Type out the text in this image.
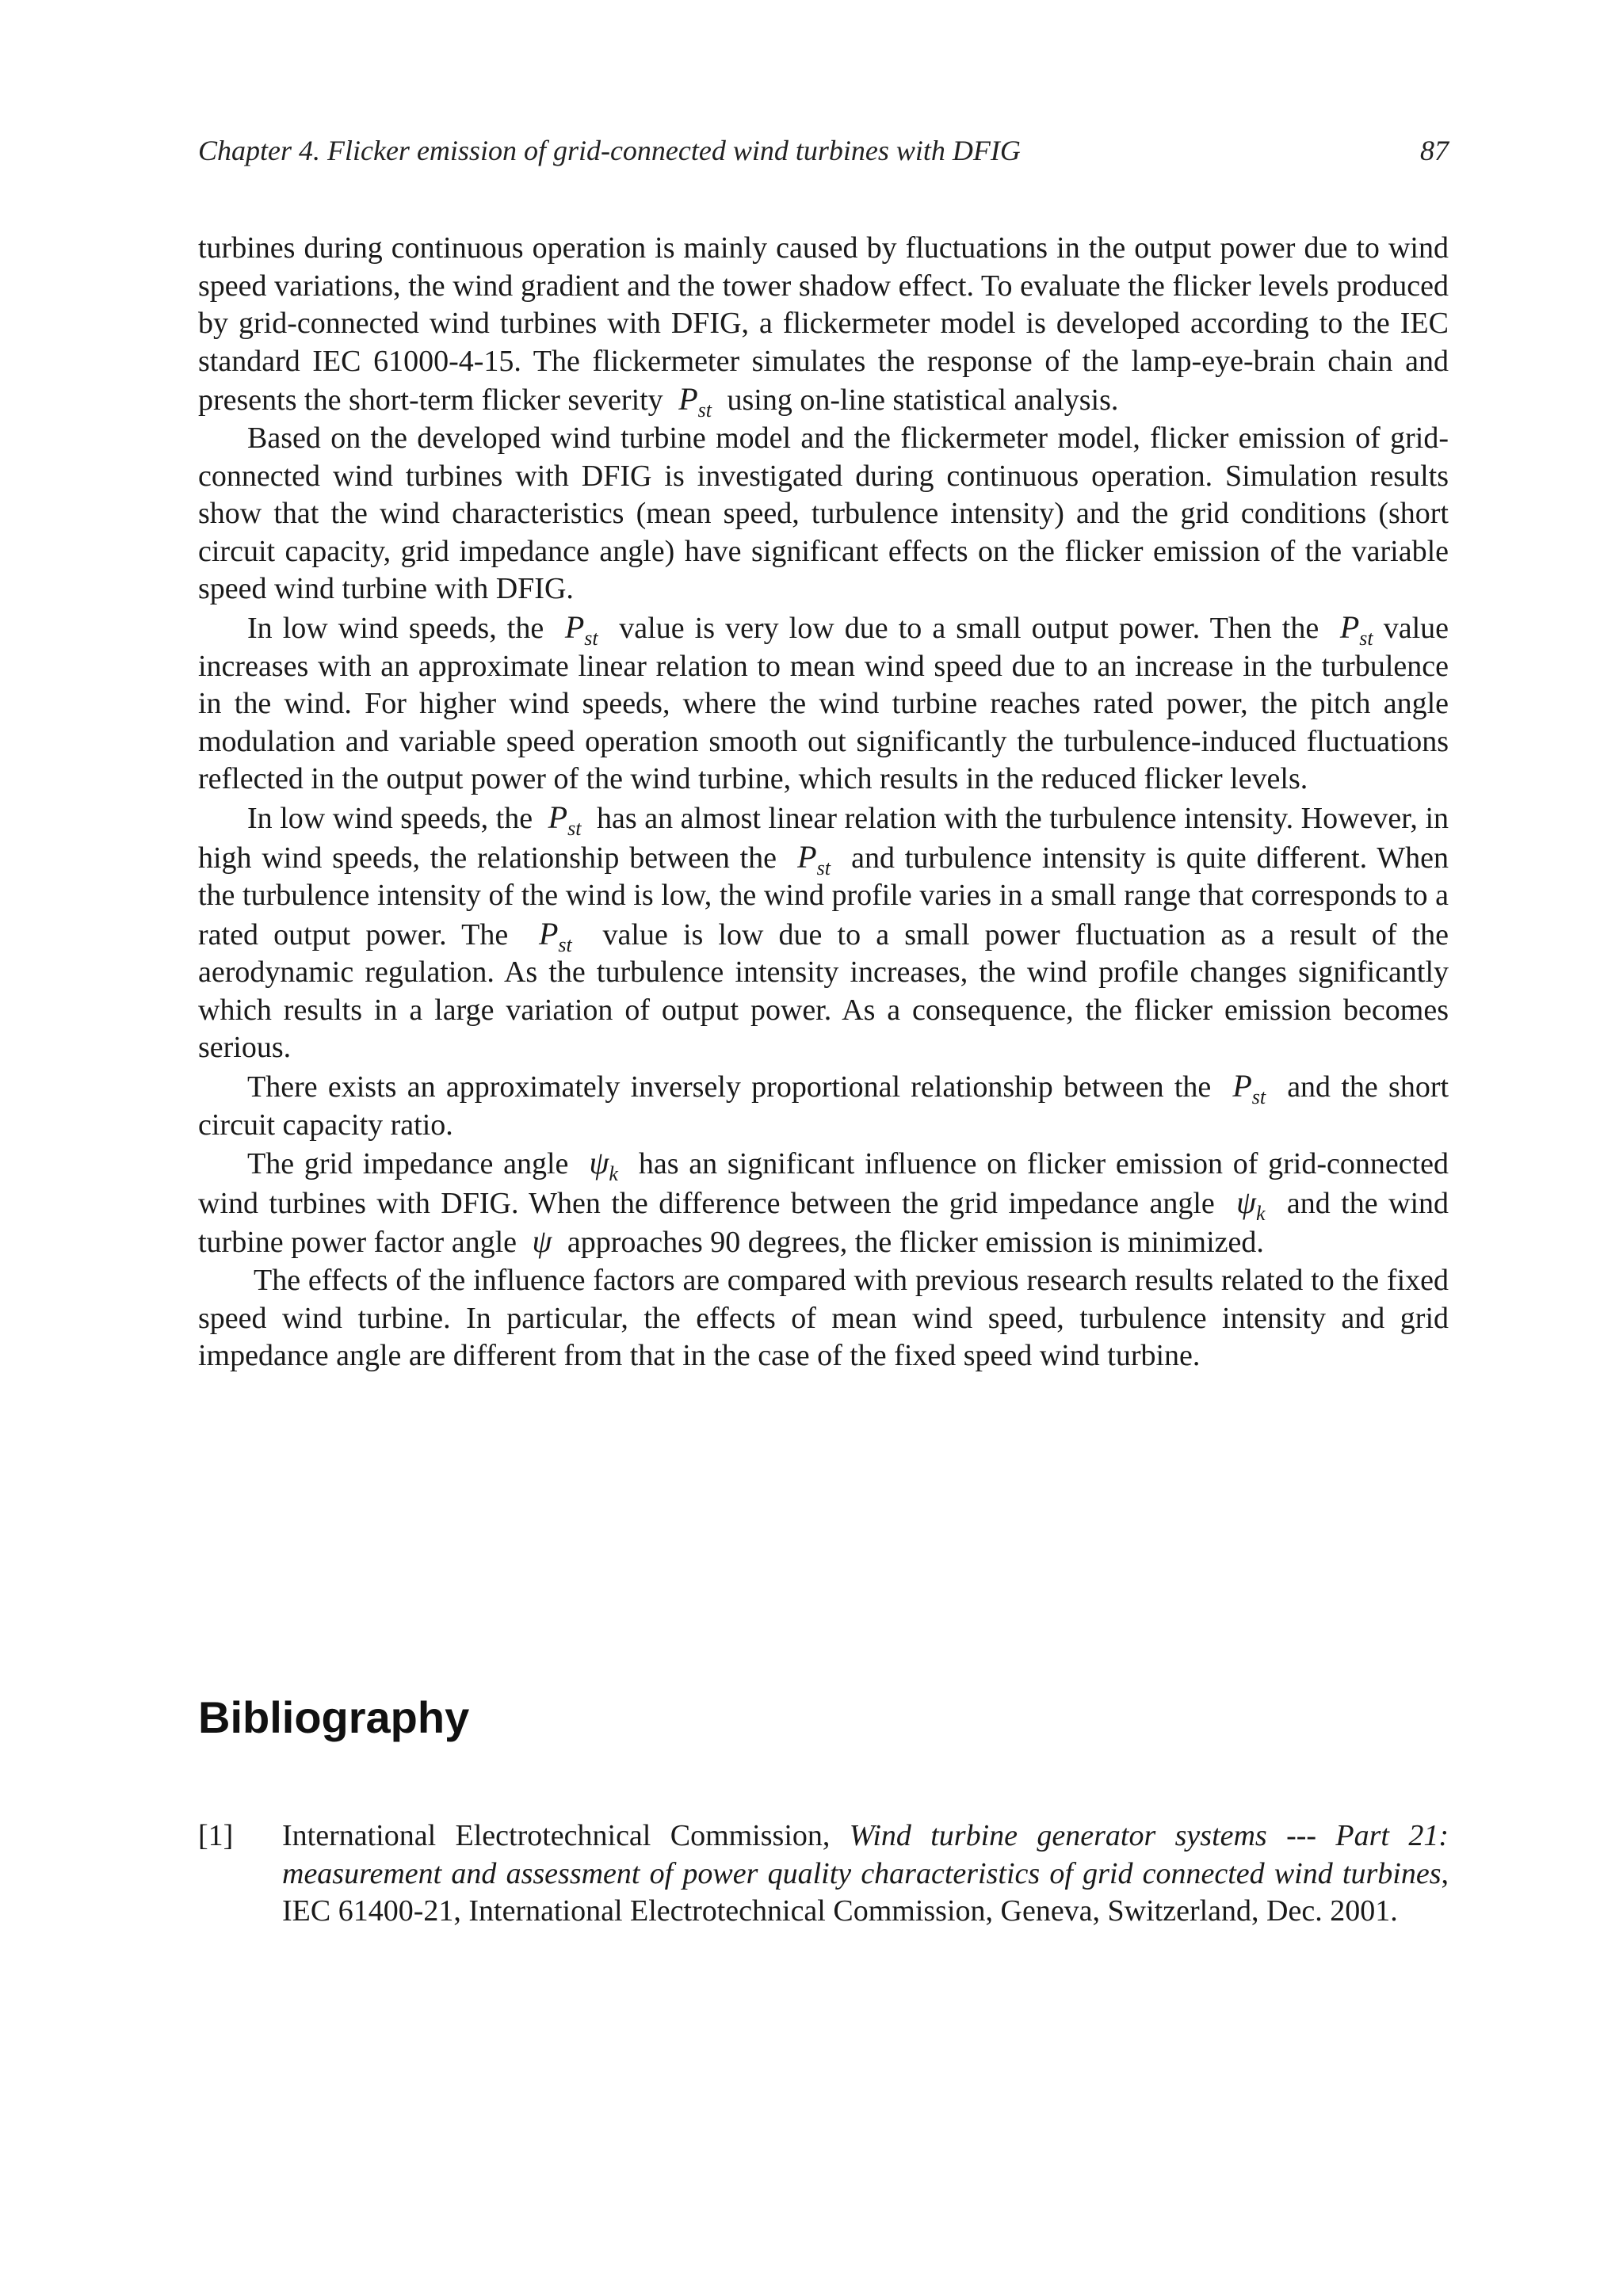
Chapter 4. Flicker emission of grid-connected wind turbines with DFIG	87

turbines during continuous operation is mainly caused by fluctuations in the output power due to wind speed variations, the wind gradient and the tower shadow effect. To evaluate the flicker levels produced by grid-connected wind turbines with DFIG, a flickermeter model is developed according to the IEC standard IEC 61000-4-15. The flickermeter simulates the response of the lamp-eye-brain chain and presents the short-term flicker severity $P_{st}$ using on-line statistical analysis.

Based on the developed wind turbine model and the flickermeter model, flicker emission of grid-connected wind turbines with DFIG is investigated during continuous operation. Simulation results show that the wind characteristics (mean speed, turbulence intensity) and the grid conditions (short circuit capacity, grid impedance angle) have significant effects on the flicker emission of the variable speed wind turbine with DFIG.

In low wind speeds, the $P_{st}$ value is very low due to a small output power. Then the $P_{st}$ value increases with an approximate linear relation to mean wind speed due to an increase in the turbulence in the wind. For higher wind speeds, where the wind turbine reaches rated power, the pitch angle modulation and variable speed operation smooth out significantly the turbulence-induced fluctuations reflected in the output power of the wind turbine, which results in the reduced flicker levels.

In low wind speeds, the $P_{st}$ has an almost linear relation with the turbulence intensity. However, in high wind speeds, the relationship between the $P_{st}$ and turbulence intensity is quite different. When the turbulence intensity of the wind is low, the wind profile varies in a small range that corresponds to a rated output power. The $P_{st}$ value is low due to a small power fluctuation as a result of the aerodynamic regulation. As the turbulence intensity increases, the wind profile changes significantly which results in a large variation of output power. As a consequence, the flicker emission becomes serious.

There exists an approximately inversely proportional relationship between the $P_{st}$ and the short circuit capacity ratio.

The grid impedance angle $\psi_k$ has an significant influence on flicker emission of grid-connected wind turbines with DFIG. When the difference between the grid impedance angle $\psi_k$ and the wind turbine power factor angle ψ approaches 90 degrees, the flicker emission is minimized.

The effects of the influence factors are compared with previous research results related to the fixed speed wind turbine. In particular, the effects of mean wind speed, turbulence intensity and grid impedance angle are different from that in the case of the fixed speed wind turbine.

Bibliography
[1] International Electrotechnical Commission, Wind turbine generator systems --- Part 21: measurement and assessment of power quality characteristics of grid connected wind turbines, IEC 61400-21, International Electrotechnical Commission, Geneva, Switzerland, Dec. 2001.
